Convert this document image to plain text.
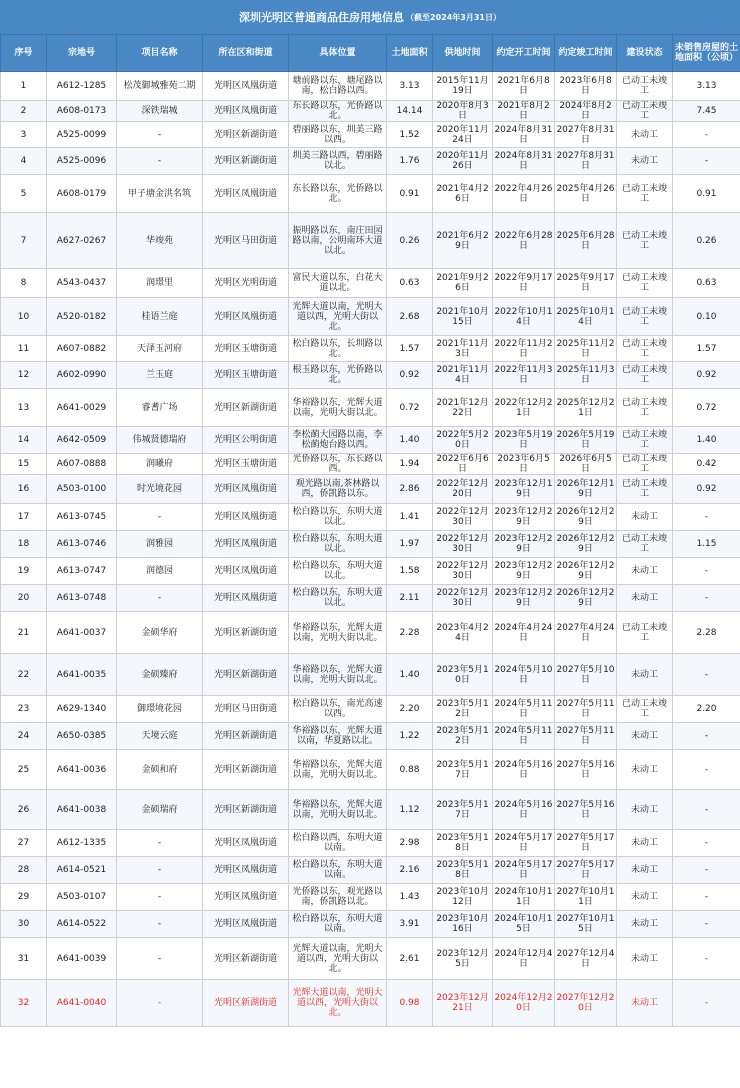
深圳光明区普通商品住房用地信息 （截至2024年3月31日）
序号	宗地号	项目名称	所在区和街道	具体位置	土地面积	供地时间	约定开工时间	约定竣工时间	建设状态	未销售房屋的土地面积（公顷）
1	A612-1285	松茂御城雅苑二期	光明区凤凰街道	塘前路以东，塘尾路以南，松白路以西。	3.13	2015年11月19日	2021年6月8日	2023年6月8日	已动工未竣工	3.13
2	A608-0173	深铁瑞城	光明区凤凰街道	东长路以东，光侨路以北。	14.14	2020年8月3日	2021年8月2日	2024年8月2日	已动工未竣工	7.45
3	A525-0099	-	光明区新湖街道	碧丽路以东，圳美三路以西。	1.52	2020年11月24日	2024年8月31日	2027年8月31日	未动工	-
4	A525-0096	-	光明区新湖街道	圳美三路以西，碧丽路以北。	1.76	2020年11月26日	2024年8月31日	2027年8月31日	未动工	-
5	A608-0179	甲子塘金洪名筑	光明区凤凰街道	东长路以东，光侨路以北。	0.91	2021年4月26日	2022年4月26日	2025年4月26日	已动工未竣工	0.91
7	A627-0267	华竣苑	光明区马田街道	振明路以东，南庄田园路以南，公明南环大道以北。	0.26	2021年6月29日	2022年6月28日	2025年6月28日	已动工未竣工	0.26
8	A543-0437	润璟里	光明区光明街道	富民大道以东，白花大道以北。	0.63	2021年9月26日	2022年9月17日	2025年9月17日	已动工未竣工	0.63
10	A520-0182	桂语兰庭	光明区凤凰街道	光辉大道以南，光明大道以西，光明大街以北。	2.68	2021年10月15日	2022年10月14日	2025年10月14日	已动工未竣工	0.10
11	A607-0882	天泽玉河府	光明区玉塘街道	松白路以东，长圳路以北。	1.57	2021年11月3日	2022年11月2日	2025年11月2日	已动工未竣工	1.57
12	A602-0990	兰玉庭	光明区玉塘街道	根玉路以东，光侨路以北。	0.92	2021年11月4日	2022年11月3日	2025年11月3日	已动工未竣工	0.92
13	A641-0029	睿耆广场	光明区新湖街道	华裕路以东，光辉大道以南，光明大街以北。	0.72	2021年12月22日	2022年12月21日	2025年12月21日	已动工未竣工	0.72
14	A642-0509	伟城贤德瑞府	光明区公明街道	李松蓢大园路以南，李松蓢炮台路以西。	1.40	2022年5月20日	2023年5月19日	2026年5月19日	已动工未竣工	1.40
15	A607-0888	润曦府	光明区玉塘街道	光侨路以东，东长路以西。	1.94	2022年6月6日	2023年6月5日	2026年6月5日	已动工未竣工	0.42
16	A503-0100	时光境花园	光明区凤凰街道	观光路以南,茶林路以西，侨凯路以东。	2.86	2022年12月20日	2023年12月19日	2026年12月19日	已动工未竣工	0.92
17	A613-0745	-	光明区凤凰街道	松白路以东，东明大道以北。	1.41	2022年12月30日	2023年12月29日	2026年12月29日	未动工	-
18	A613-0746	润雅园	光明区凤凰街道	松白路以东，东明大道以北。	1.97	2022年12月30日	2023年12月29日	2026年12月29日	已动工未竣工	1.15
19	A613-0747	润德园	光明区凤凰街道	松白路以东，东明大道以北。	1.58	2022年12月30日	2023年12月29日	2026年12月29日	未动工	-
20	A613-0748	-	光明区凤凰街道	松白路以东，东明大道以北。	2.11	2022年12月30日	2023年12月29日	2026年12月29日	未动工	-
21	A641-0037	金硕华府	光明区新湖街道	华裕路以东，光辉大道以南，光明大街以北。	2.28	2023年4月24日	2024年4月24日	2027年4月24日	已动工未竣工	2.28
22	A641-0035	金硕臻府	光明区新湖街道	华裕路以东，光辉大道以南，光明大街以北。	1.40	2023年5月10日	2024年5月10日	2027年5月10日	未动工	-
23	A629-1340	御璟境花园	光明区马田街道	松白路以东，南光高速以西。	2.20	2023年5月12日	2024年5月11日	2027年5月11日	已动工未竣工	2.20
24	A650-0385	天境云庭	光明区新湖街道	华裕路以东，光辉大道以南，华夏路以北。	1.22	2023年5月12日	2024年5月11日	2027年5月11日	未动工	-
25	A641-0036	金硕和府	光明区新湖街道	华裕路以东，光辉大道以南，光明大街以北。	0.88	2023年5月17日	2024年5月16日	2027年5月16日	未动工	-
26	A641-0038	金硕瑞府	光明区新湖街道	华裕路以东，光辉大道以南，光明大街以北。	1.12	2023年5月17日	2024年5月16日	2027年5月16日	未动工	-
27	A612-1335	-	光明区凤凰街道	松白路以西，东明大道以南。	2.98	2023年5月18日	2024年5月17日	2027年5月17日	未动工	-
28	A614-0521	-	光明区凤凰街道	松白路以东，东明大道以南。	2.16	2023年5月18日	2024年5月17日	2027年5月17日	未动工	-
29	A503-0107	-	光明区凤凰街道	光侨路以东，观光路以南，侨凯路以北。	1.43	2023年10月12日	2024年10月11日	2027年10月11日	未动工	-
30	A614-0522	-	光明区凤凰街道	松白路以东，东明大道以南。	3.91	2023年10月16日	2024年10月15日	2027年10月15日	未动工	-
31	A641-0039	-	光明区新湖街道	光辉大道以南，光明大道以西，光明大街以北。	2.61	2023年12月5日	2024年12月4日	2027年12月4日	未动工	-
32	A641-0040	-	光明区新湖街道	光辉大道以南，光明大道以西，光明大街以北。	0.98	2023年12月21日	2024年12月20日	2027年12月20日	未动工	-
